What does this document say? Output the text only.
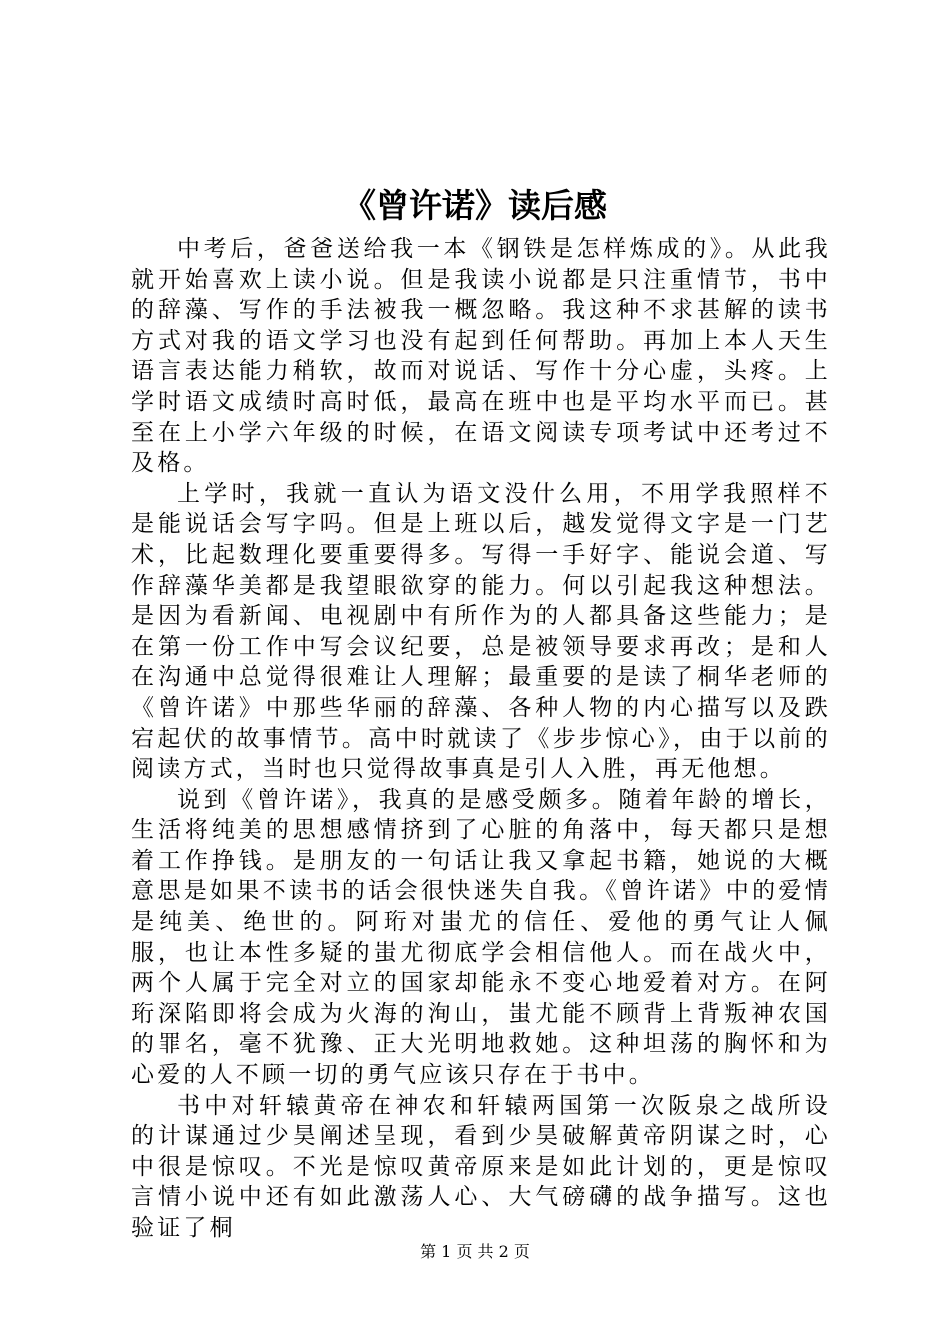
《曾许诺》读后感

中考后，爸爸送给我一本《钢铁是怎样炼成的》。从此我就开始喜欢上读小说。但是我读小说都是只注重情节，书中的辞藻、写作的手法被我一概忽略。我这种不求甚解的读书方式对我的语文学习也没有起到任何帮助。再加上本人天生语言表达能力稍软，故而对说话、写作十分心虚，头疼。上学时语文成绩时高时低，最高在班中也是平均水平而已。甚至在上小学六年级的时候，在语文阅读专项考试中还考过不及格。

上学时，我就一直认为语文没什么用，不用学我照样不是能说话会写字吗。但是上班以后，越发觉得文字是一门艺术，比起数理化要重要得多。写得一手好字、能说会道、写作辞藻华美都是我望眼欲穿的能力。何以引起我这种想法。是因为看新闻、电视剧中有所作为的人都具备这些能力；是在第一份工作中写会议纪要，总是被领导要求再改；是和人在沟通中总觉得很难让人理解；最重要的是读了桐华老师的《曾许诺》中那些华丽的辞藻、各种人物的内心描写以及跌宕起伏的故事情节。高中时就读了《步步惊心》，由于以前的阅读方式，当时也只觉得故事真是引人入胜，再无他想。

说到《曾许诺》，我真的是感受颇多。随着年龄的增长，生活将纯美的思想感情挤到了心脏的角落中，每天都只是想着工作挣钱。是朋友的一句话让我又拿起书籍，她说的大概意思是如果不读书的话会很快迷失自我。《曾许诺》中的爱情是纯美、绝世的。阿珩对蚩尤的信任、爱他的勇气让人佩服，也让本性多疑的蚩尤彻底学会相信他人。而在战火中，两个人属于完全对立的国家却能永不变心地爱着对方。在阿珩深陷即将会成为火海的洵山，蚩尤能不顾背上背叛神农国的罪名，毫不犹豫、正大光明地救她。这种坦荡的胸怀和为心爱的人不顾一切的勇气应该只存在于书中。

书中对轩辕黄帝在神农和轩辕两国第一次阪泉之战所设的计谋通过少昊阐述呈现，看到少昊破解黄帝阴谋之时，心中很是惊叹。不光是惊叹黄帝原来是如此计划的，更是惊叹言情小说中还有如此激荡人心、大气磅礴的战争描写。这也验证了桐

第 1 页 共 2 页
